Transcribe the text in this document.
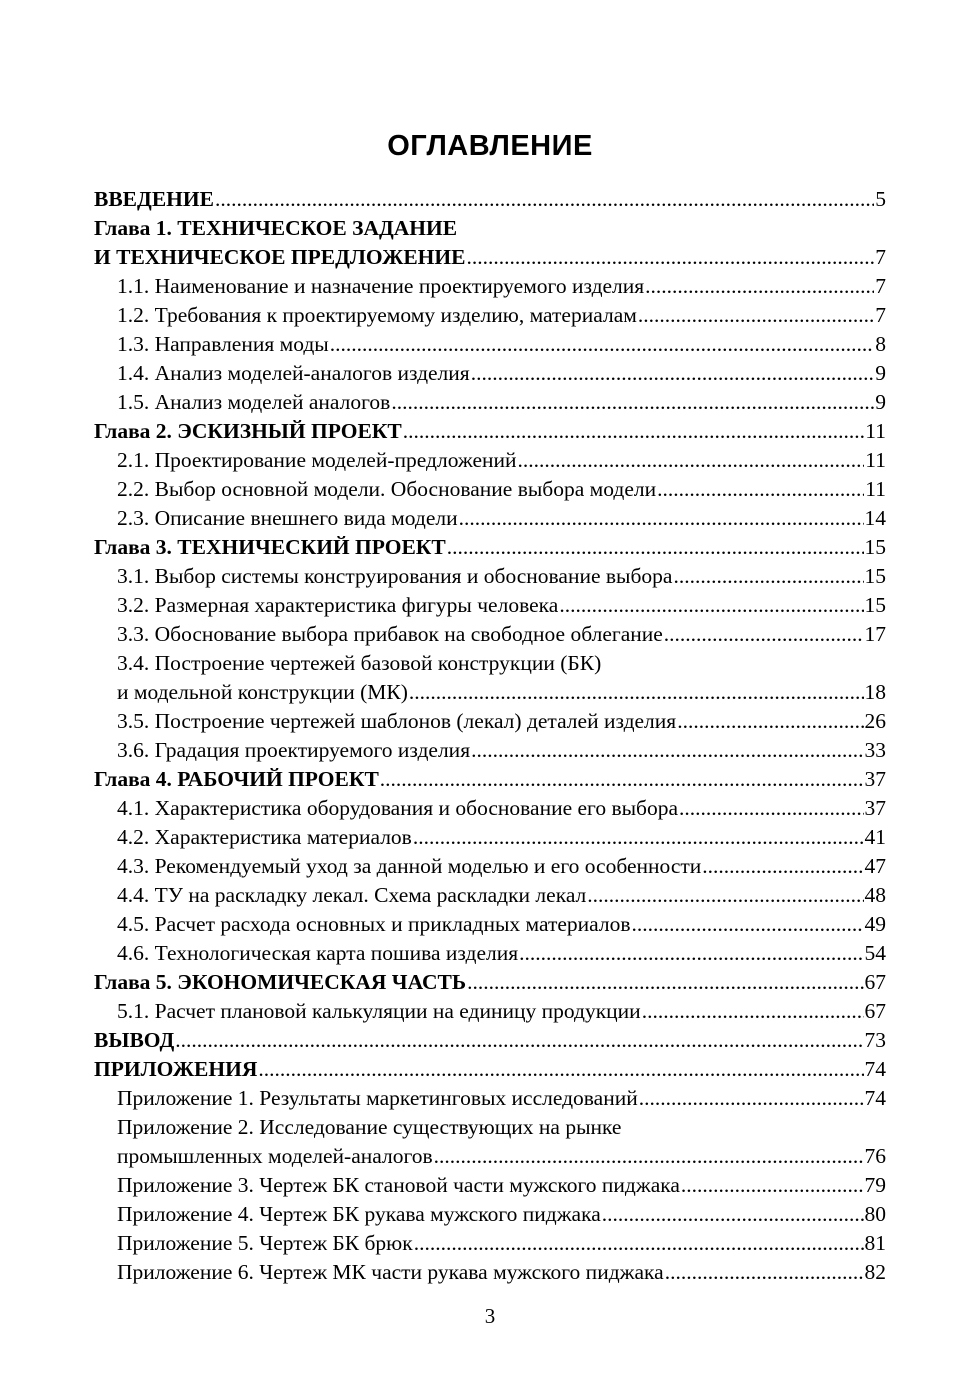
ОГЛАВЛЕНИЕ
ВВЕДЕНИЕ .....	5
Глава 1. ТЕХНИЧЕСКОЕ ЗАДАНИЕ
И ТЕХНИЧЕСКОЕ ПРЕДЛОЖЕНИЕ .....	7
1.1. Наименование и назначение проектируемого изделия .....	7
1.2. Требования к проектируемому изделию, материалам .....	7
1.3. Направления моды .....	8
1.4. Анализ моделей-аналогов изделия .....	9
1.5. Анализ моделей аналогов .....	9
Глава 2. ЭСКИЗНЫЙ ПРОЕКТ .....	11
2.1. Проектирование моделей-предложений .....	11
2.2. Выбор основной модели. Обоснование выбора модели .....	11
2.3. Описание внешнего вида модели .....	14
Глава 3. ТЕХНИЧЕСКИЙ ПРОЕКТ .....	15
3.1. Выбор системы конструирования и обоснование выбора .....	15
3.2. Размерная характеристика фигуры человека .....	15
3.3. Обоснование выбора прибавок на свободное облегание .....	17
3.4. Построение чертежей базовой конструкции (БК)
и модельной конструкции (МК) .....	18
3.5. Построение чертежей шаблонов (лекал) деталей изделия .....	26
3.6. Градация проектируемого изделия .....	33
Глава 4. РАБОЧИЙ ПРОЕКТ .....	37
4.1. Характеристика оборудования и обоснование его выбора .....	37
4.2. Характеристика материалов .....	41
4.3. Рекомендуемый уход за данной моделью и его особенности .....	47
4.4. ТУ на раскладку лекал. Схема раскладки лекал .....	48
4.5. Расчет расхода основных и прикладных материалов .....	49
4.6. Технологическая карта пошива изделия .....	54
Глава 5. ЭКОНОМИЧЕСКАЯ ЧАСТЬ .....	67
5.1. Расчет плановой калькуляции на единицу продукции .....	67
ВЫВОД .....	73
ПРИЛОЖЕНИЯ .....	74
Приложение 1. Результаты маркетинговых исследований .....	74
Приложение 2. Исследование существующих на рынке
промышленных моделей-аналогов .....	76
Приложение 3. Чертеж БК становой части мужского пиджака .....	79
Приложение 4. Чертеж БК рукава мужского пиджака .....	80
Приложение 5. Чертеж БК брюк .....	81
Приложение 6. Чертеж МК части рукава мужского пиджака .....	82
3
